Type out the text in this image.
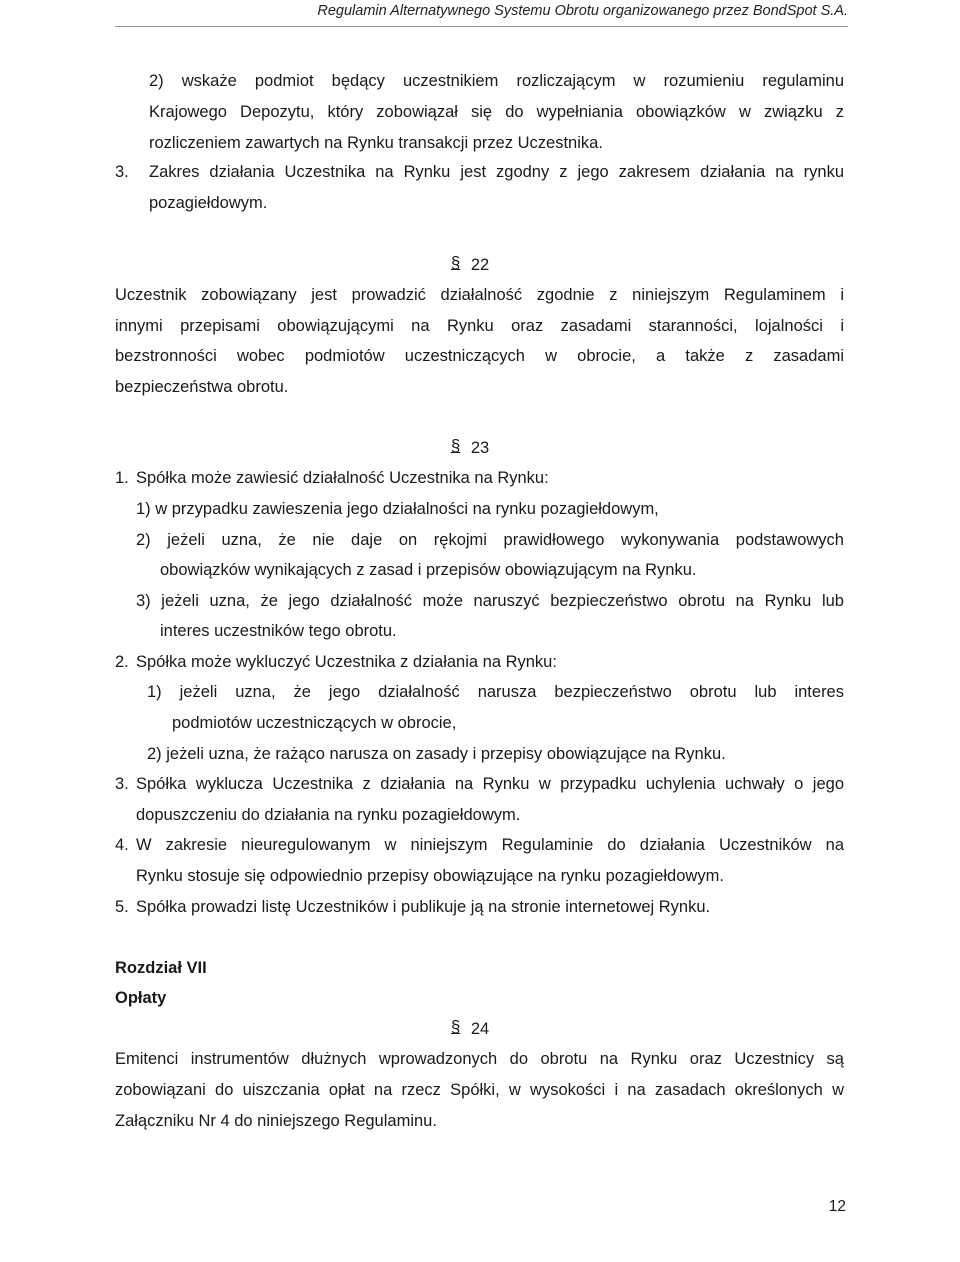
Regulamin Alternatywnego Systemu Obrotu organizowanego przez BondSpot S.A.
2) wskaże podmiot będący uczestnikiem rozliczającym w rozumieniu regulaminu
Krajowego Depozytu, który zobowiązał się do wypełniania obowiązków w związku z
rozliczeniem zawartych na Rynku transakcji przez Uczestnika.
3. Zakres działania Uczestnika na Rynku jest zgodny z jego zakresem działania na rynku
pozagiełdowym.
§ 22
Uczestnik zobowiązany jest prowadzić działalność zgodnie z niniejszym Regulaminem i
innymi przepisami obowiązującymi na Rynku oraz zasadami staranności, lojalności i
bezstronności wobec podmiotów uczestniczących w obrocie, a także z zasadami
bezpieczeństwa obrotu.
§ 23
1. Spółka może zawiesić działalność Uczestnika na Rynku:
1) w przypadku zawieszenia jego działalności na rynku pozagiełdowym,
2) jeżeli uzna, że nie daje on rękojmi prawidłowego wykonywania podstawowych
obowiązków wynikających z zasad i przepisów obowiązującym na Rynku.
3) jeżeli uzna, że jego działalność może naruszyć bezpieczeństwo obrotu na Rynku lub
interes uczestników tego obrotu.
2. Spółka może wykluczyć Uczestnika z działania na Rynku:
1) jeżeli uzna, że jego działalność narusza bezpieczeństwo obrotu lub interes
podmiotów uczestniczących w obrocie,
2) jeżeli uzna, że rażąco narusza on zasady i przepisy obowiązujące na Rynku.
3. Spółka wyklucza Uczestnika z działania na Rynku w przypadku uchylenia uchwały o jego
dopuszczeniu do działania na rynku pozagiełdowym.
4. W zakresie nieuregulowanym w niniejszym Regulaminie do działania Uczestników na
Rynku stosuje się odpowiednio przepisy obowiązujące na rynku pozagiełdowym.
5. Spółka prowadzi listę Uczestników i publikuje ją na stronie internetowej Rynku.
Rozdział VII
Opłaty
§ 24
Emitenci instrumentów dłużnych wprowadzonych do obrotu na Rynku oraz Uczestnicy są
zobowiązani do uiszczania opłat na rzecz Spółki, w wysokości i na zasadach określonych w
Załączniku Nr 4 do niniejszego Regulaminu.
12
